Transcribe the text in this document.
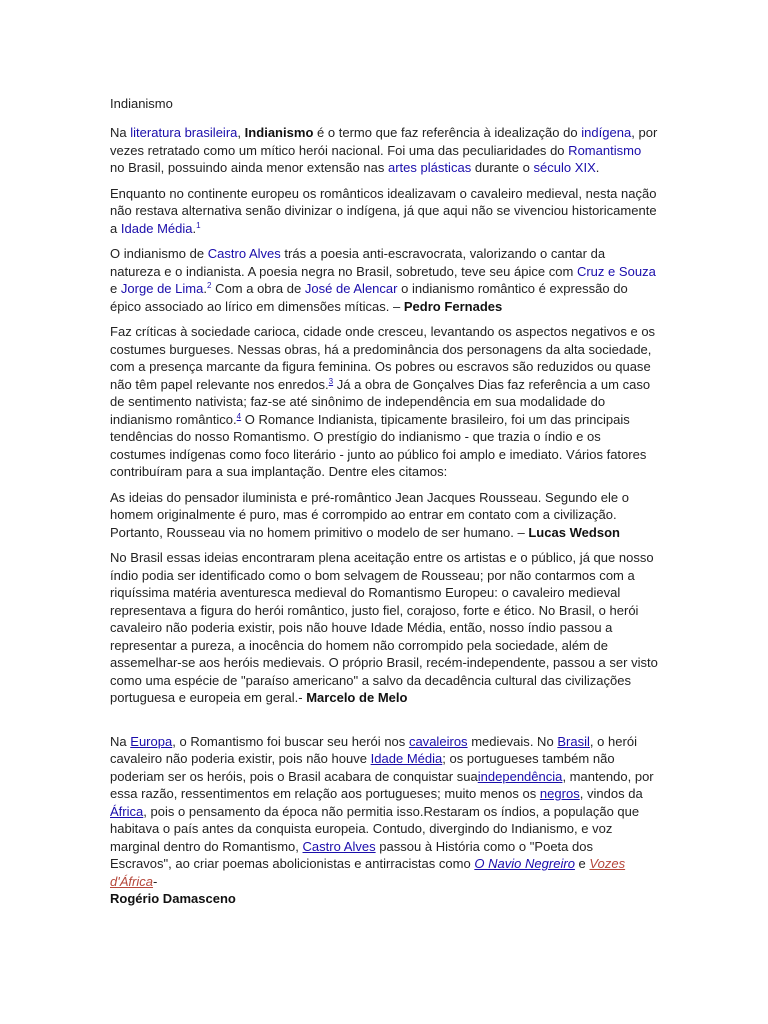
Indianismo

Na literatura brasileira, Indianismo é o termo que faz referência à idealização do indígena, por vezes retratado como um mítico herói nacional. Foi uma das peculiaridades do Romantismo no Brasil, possuindo ainda menor extensão nas artes plásticas durante o século XIX.

Enquanto no continente europeu os românticos idealizavam o cavaleiro medieval, nesta nação não restava alternativa senão divinizar o indígena, já que aqui não se vivenciou historicamente a Idade Média.$^1$

O indianismo de Castro Alves trás a poesia anti-escravocrata, valorizando o cantar da natureza e o indianista. A poesia negra no Brasil, sobretudo, teve seu ápice com Cruz e Souza e Jorge de Lima.$^2$ Com a obra de José de Alencar o indianismo romântico é expressão do épico associado ao lírico em dimensões míticas. – Pedro Fernades

Faz críticas à sociedade carioca, cidade onde cresceu, levantando os aspectos negativos e os costumes burgueses. Nessas obras, há a predominância dos personagens da alta sociedade, com a presença marcante da figura feminina. Os pobres ou escravos são reduzidos ou quase não têm papel relevante nos enredos.$^3$ Já a obra de Gonçalves Dias faz referência a um caso de sentimento nativista; faz-se até sinônimo de independência em sua modalidade do indianismo romântico.$^4$ O Romance Indianista, tipicamente brasileiro, foi um das principais tendências do nosso Romantismo. O prestígio do indianismo - que trazia o índio e os costumes indígenas como foco literário - junto ao público foi amplo e imediato. Vários fatores contribuíram para a sua implantação. Dentre eles citamos:

As ideias do pensador iluminista e pré-romântico Jean Jacques Rousseau. Segundo ele o homem originalmente é puro, mas é corrompido ao entrar em contato com a civilização. Portanto, Rousseau via no homem primitivo o modelo de ser humano. – Lucas Wedson

No Brasil essas ideias encontraram plena aceitação entre os artistas e o público, já que nosso índio podia ser identificado como o bom selvagem de Rousseau; por não contarmos com a riquíssima matéria aventuresca medieval do Romantismo Europeu: o cavaleiro medieval representava a figura do herói romântico, justo fiel, corajoso, forte e ético. No Brasil, o herói cavaleiro não poderia existir, pois não houve Idade Média, então, nosso índio passou a representar a pureza, a inocência do homem não corrompido pela sociedade, além de assemelhar-se aos heróis medievais. O próprio Brasil, recém-independente, passou a ser visto como uma espécie de "paraíso americano" a salvo da decadência cultural das civilizações portuguesa e europeia em geral.- Marcelo de Melo

Na Europa, o Romantismo foi buscar seu herói nos cavaleiros medievais. No Brasil, o herói cavaleiro não poderia existir, pois não houve Idade Média; os portugueses também não poderiam ser os heróis, pois o Brasil acabara de conquistar suaindependência, mantendo, por essa razão, ressentimentos em relação aos portugueses; muito menos os negros, vindos da África, pois o pensamento da época não permitia isso.Restaram os índios, a população que habitava o país antes da conquista europeia. Contudo, divergindo do Indianismo, e voz marginal dentro do Romantismo, Castro Alves passou à História como o "Poeta dos Escravos", ao criar poemas abolicionistas e antirracistas como O Navio Negreiro e Vozes d'África-
Rogério Damasceno
